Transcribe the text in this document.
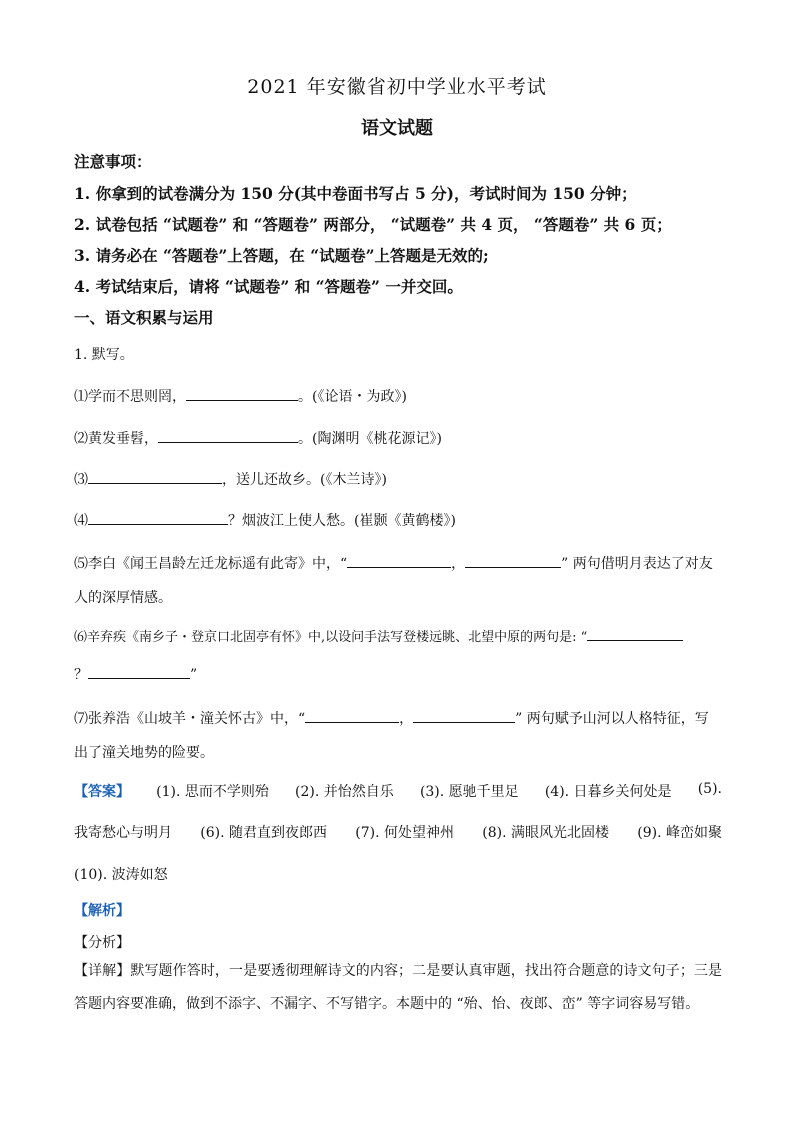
2021 年安徽省初中学业水平考试
语文试题
注意事项：
1. 你拿到的试卷满分为 150 分(其中卷面书写占 5 分)，考试时间为 150 分钟；
2. 试卷包括 “试题卷” 和 “答题卷” 两部分， “试题卷” 共 4 页， “答题卷” 共 6 页；
3. 请务必在 “答题卷”上答题，在 “试题卷”上答题是无效的;
4. 考试结束后，请将 “试题卷” 和 “答题卷” 一并交回。
一、语文积累与运用
1. 默写。
⑴学而不思则罔，	。(《论语・为政》)
⑵黄发垂髫，	。(陶渊明《桃花源记》)
⑶	，送儿还故乡。(《木兰诗》)
⑷	？烟波江上使人愁。(崔颢《黄鹤楼》)
⑸李白《闻王昌龄左迁龙标遥有此寄》中，“	，	” 两句借明月表达了对友
人的深厚情感。
⑹辛弃疾《南乡子・登京口北固亭有怀》中,以设问手法写登楼远眺、北望中原的两句是: “
？	”
⑺张养浩《山坡羊・潼关怀古》中，“	，	” 两句赋予山河以人格特征，写
出了潼关地势的险要。
【答案】 (1). 思而不学则殆 (2). 并怡然自乐 (3). 愿驰千里足 (4). 日暮乡关何处是 (5).
我寄愁心与明月 (6). 随君直到夜郎西 (7). 何处望神州 (8). 满眼风光北固楼 (9). 峰峦如聚
(10). 波涛如怒
【解析】
【分析】
【详解】默写题作答时，一是要透彻理解诗文的内容；二是要认真审题，找出符合题意的诗文句子；三是答题内容要准确，做到不添字、不漏字、不写错字。本题中的 “殆、怡、夜郎、峦” 等字词容易写错。
